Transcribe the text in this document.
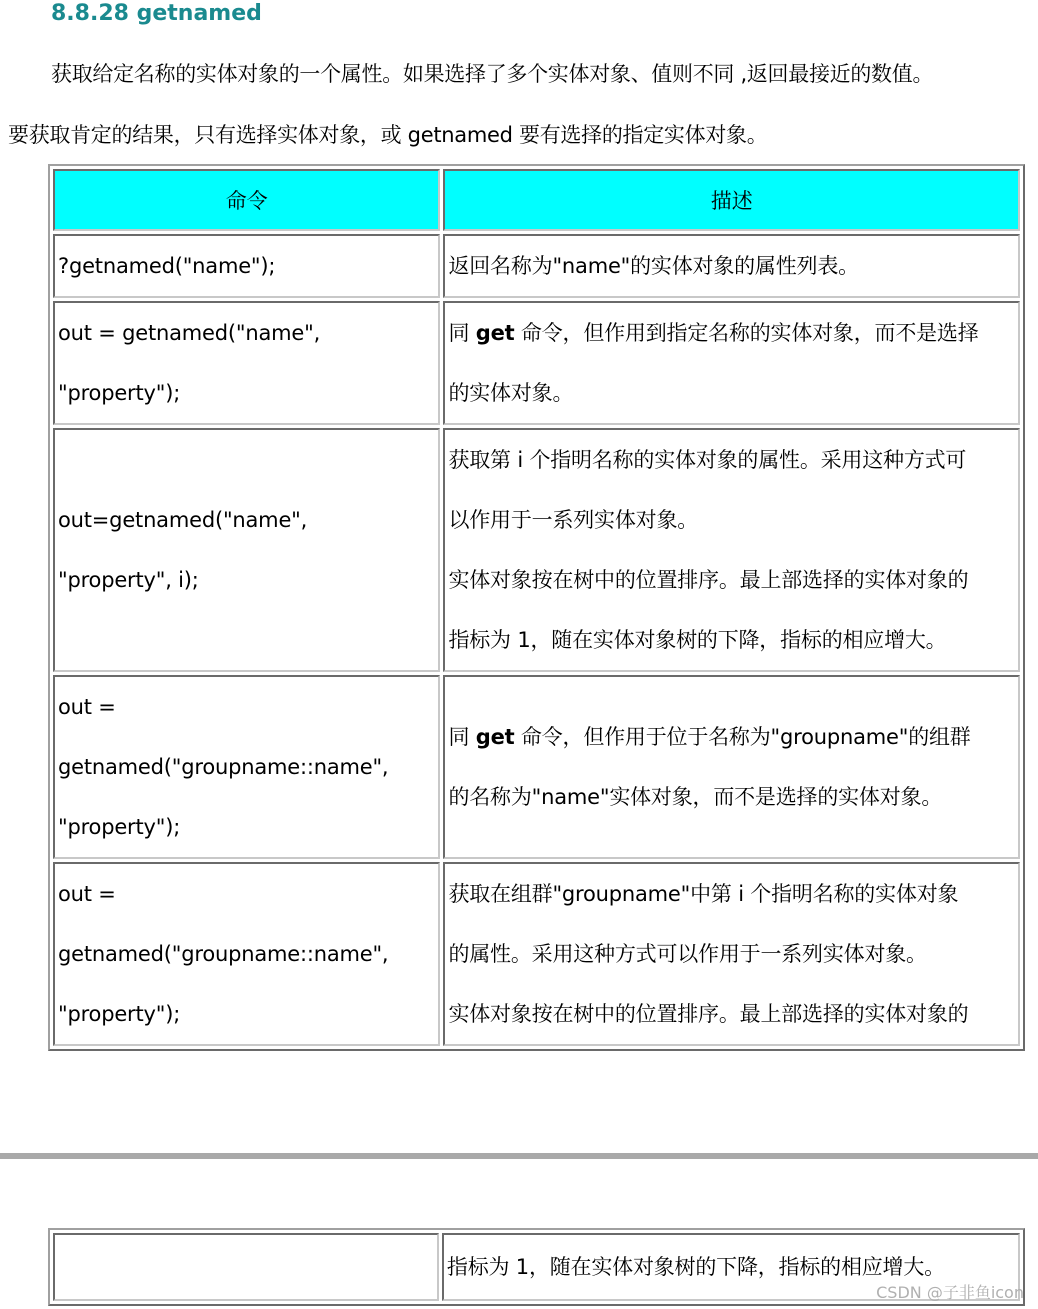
8.8.28 getnamed
获取给定名称的实体对象的一个属性。如果选择了多个实体对象、值则不同 ,返回最接近的数值。
要获取肯定的结果，只有选择实体对象，或 getnamed 要有选择的指定实体对象。
命令	描述

?getnamed("name");	返回名称为"name"的实体对象的属性列表。

out = getnamed("name",
"property");	同 get 命令，但作用到指定名称的实体对象，而不是选择
的实体对象。

out=getnamed("name",
"property", i);	获取第 i 个指明名称的实体对象的属性。采用这种方式可
以作用于一系列实体对象。
实体对象按在树中的位置排序。最上部选择的实体对象的
指标为 1，随在实体对象树的下降，指标的相应增大。

out =
getnamed("groupname::name",
"property");	同 get 命令，但作用于位于名称为"groupname"的组群
的名称为"name"实体对象，而不是选择的实体对象。

out =
getnamed("groupname::name",
"property");	获取在组群"groupname"中第 i 个指明名称的实体对象
的属性。采用这种方式可以作用于一系列实体对象。
实体对象按在树中的位置排序。最上部选择的实体对象的
	指标为 1，随在实体对象树的下降，指标的相应增大。
CSDN @子非鱼icon
